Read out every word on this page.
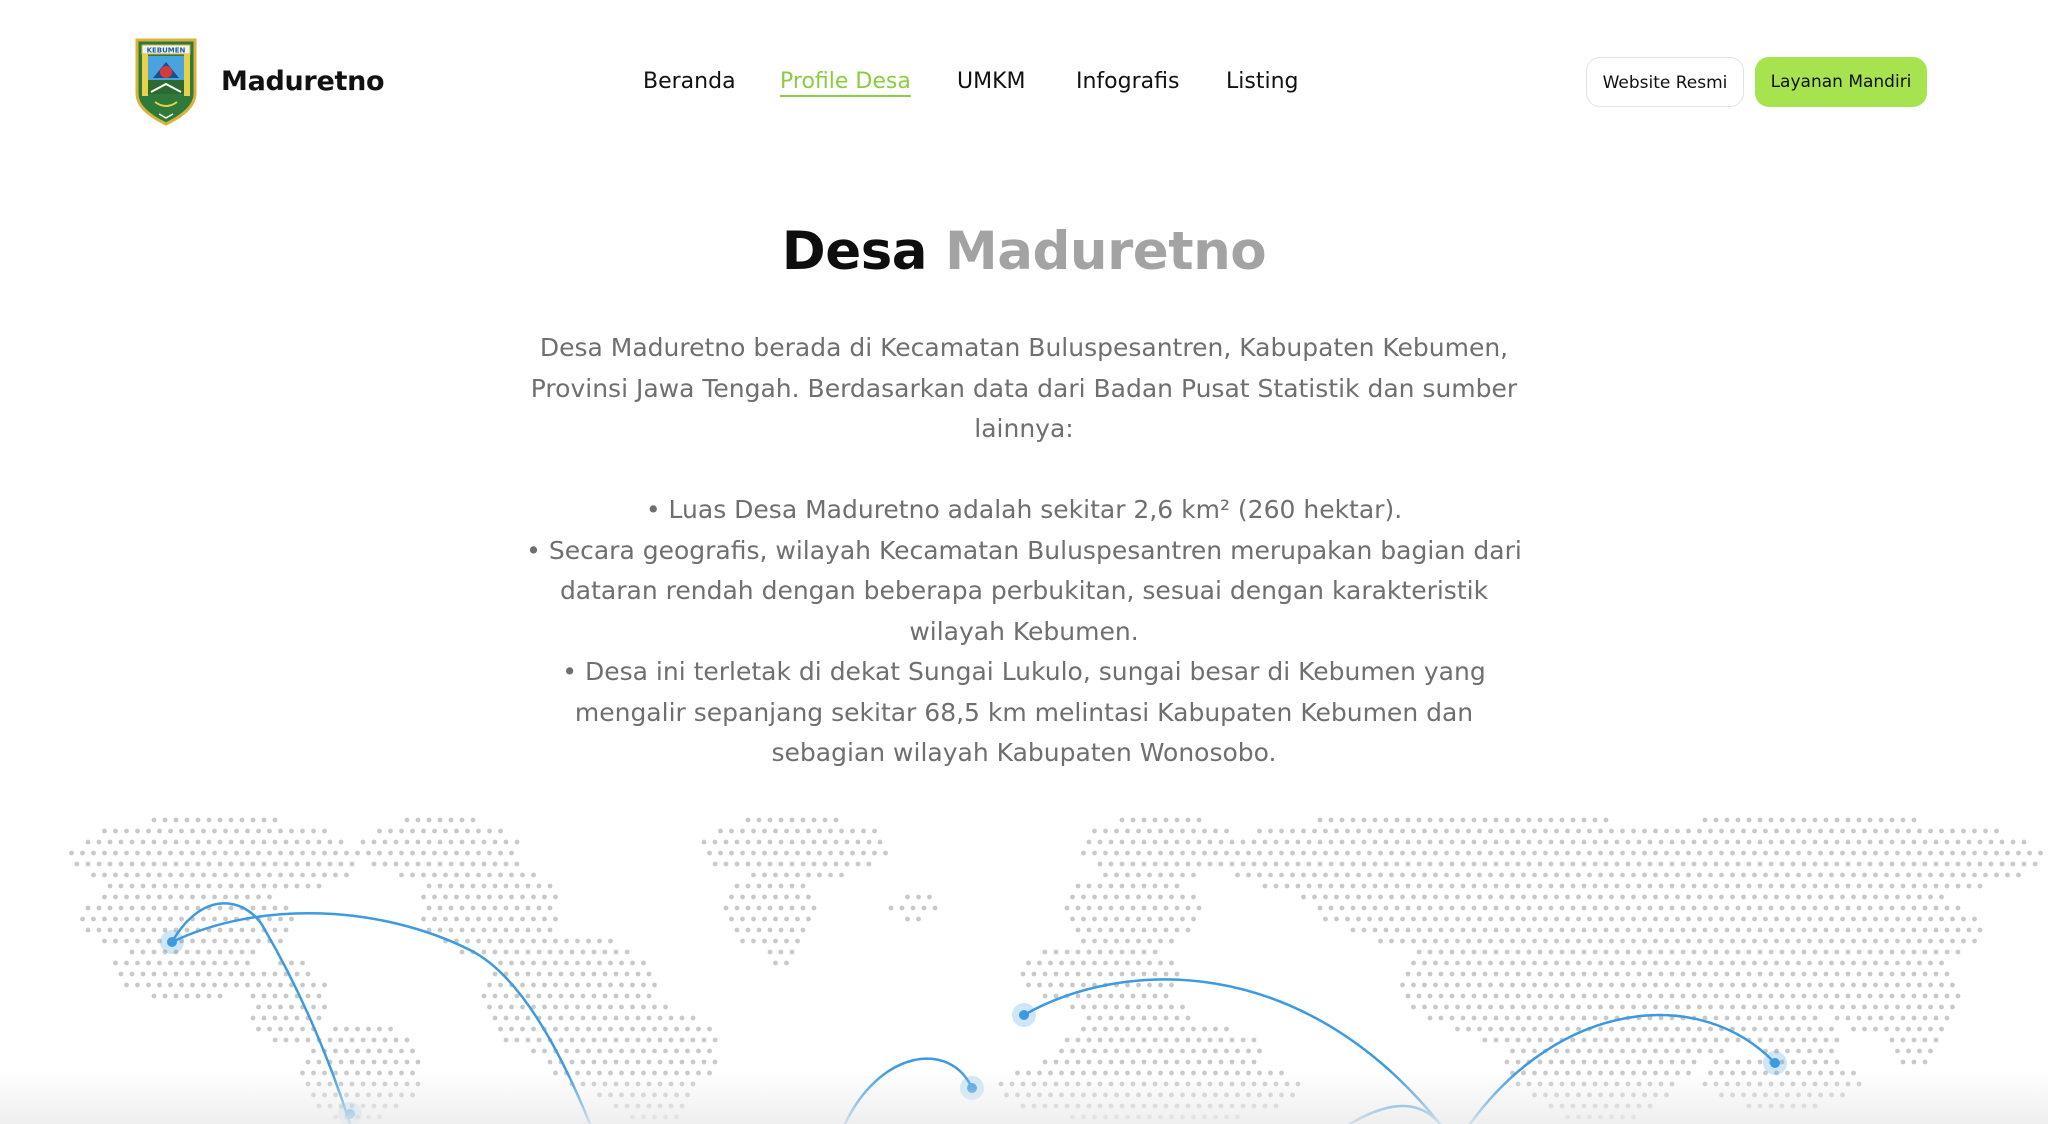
KEBUMEN
Maduretno	Beranda Profile Desa UMKM Infografis Listing	Website Resmi	Layanan Mandiri
Desa Maduretno

Desa Maduretno berada di Kecamatan Buluspesantren, Kabupaten Kebumen, Provinsi Jawa Tengah. Berdasarkan data dari Badan Pusat Statistik dan sumber lainnya:

• Luas Desa Maduretno adalah sekitar 2,6 km² (260 hektar).

• Secara geografis, wilayah Kecamatan Buluspesantren merupakan bagian dari dataran rendah dengan beberapa perbukitan, sesuai dengan karakteristik wilayah Kebumen.

• Desa ini terletak di dekat Sungai Lukulo, sungai besar di Kebumen yang mengalir sepanjang sekitar 68,5 km melintasi Kabupaten Kebumen dan sebagian wilayah Kabupaten Wonosobo.
